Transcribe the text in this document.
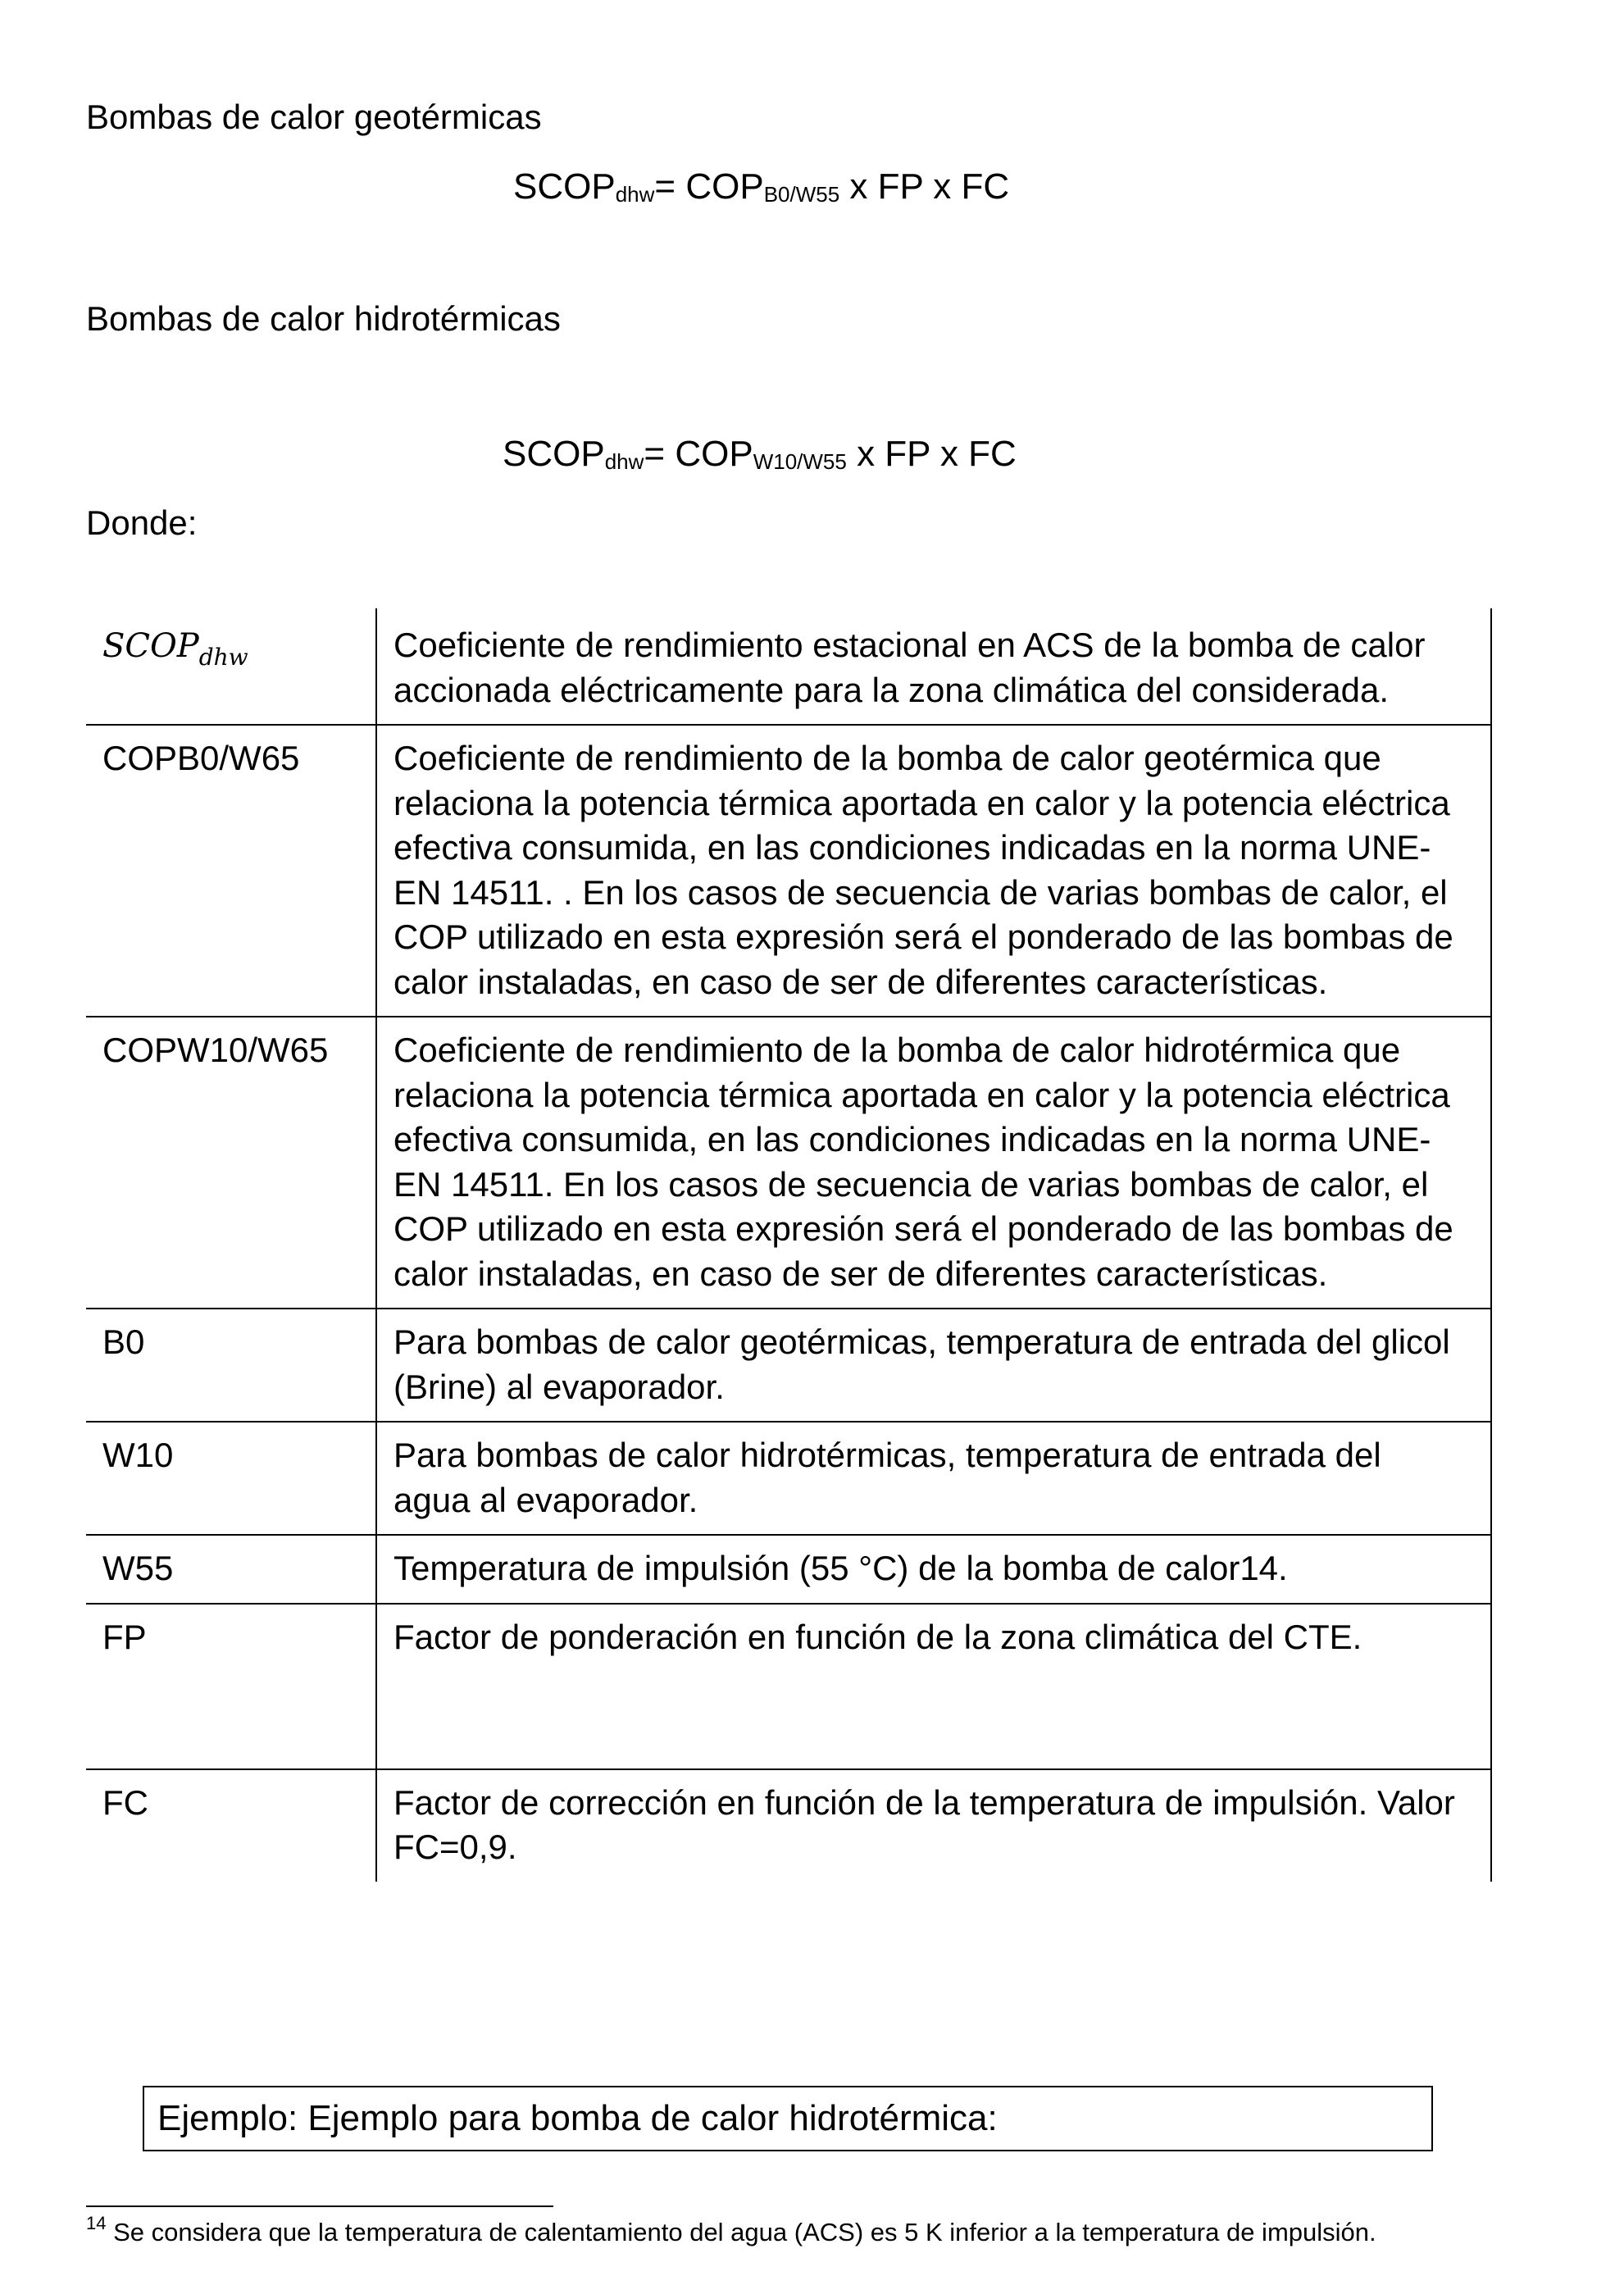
Bombas de calor geotérmicas
$SCOP_{dhw}= COP_{B0/W55}$ x FP x FC
Bombas de calor hidrotérmicas
$SCOP_{dhw}= COP_{W10/W55}$ x FP x FC
Donde:
$SCOP_{dhw}$	Coeficiente de rendimiento estacional en ACS de la bomba de calor accionada eléctricamente para la zona climática del considerada.
COPB0/W65	Coeficiente de rendimiento de la bomba de calor geotérmica que relaciona la potencia térmica aportada en calor y la potencia eléctrica efectiva consumida, en las condiciones indicadas en la norma UNE-EN 14511. . En los casos de secuencia de varias bombas de calor, el COP utilizado en esta expresión será el ponderado de las bombas de calor instaladas, en caso de ser de diferentes características.
COPW10/W65	Coeficiente de rendimiento de la bomba de calor hidrotérmica que relaciona la potencia térmica aportada en calor y la potencia eléctrica efectiva consumida, en las condiciones indicadas en la norma UNE-EN 14511. En los casos de secuencia de varias bombas de calor, el COP utilizado en esta expresión será el ponderado de las bombas de calor instaladas, en caso de ser de diferentes características.
B0	Para bombas de calor geotérmicas, temperatura de entrada del glicol (Brine) al evaporador.
W10	Para bombas de calor hidrotérmicas, temperatura de entrada del agua al evaporador.
W55	Temperatura de impulsión (55 °C) de la bomba de calor14.
FP	Factor de ponderación en función de la zona climática del CTE.
FC	Factor de corrección en función de la temperatura de impulsión. Valor FC=0,9.
Ejemplo: Ejemplo para bomba de calor hidrotérmica:
$^{14}$ Se considera que la temperatura de calentamiento del agua (ACS) es 5 K inferior a la temperatura de impulsión.
